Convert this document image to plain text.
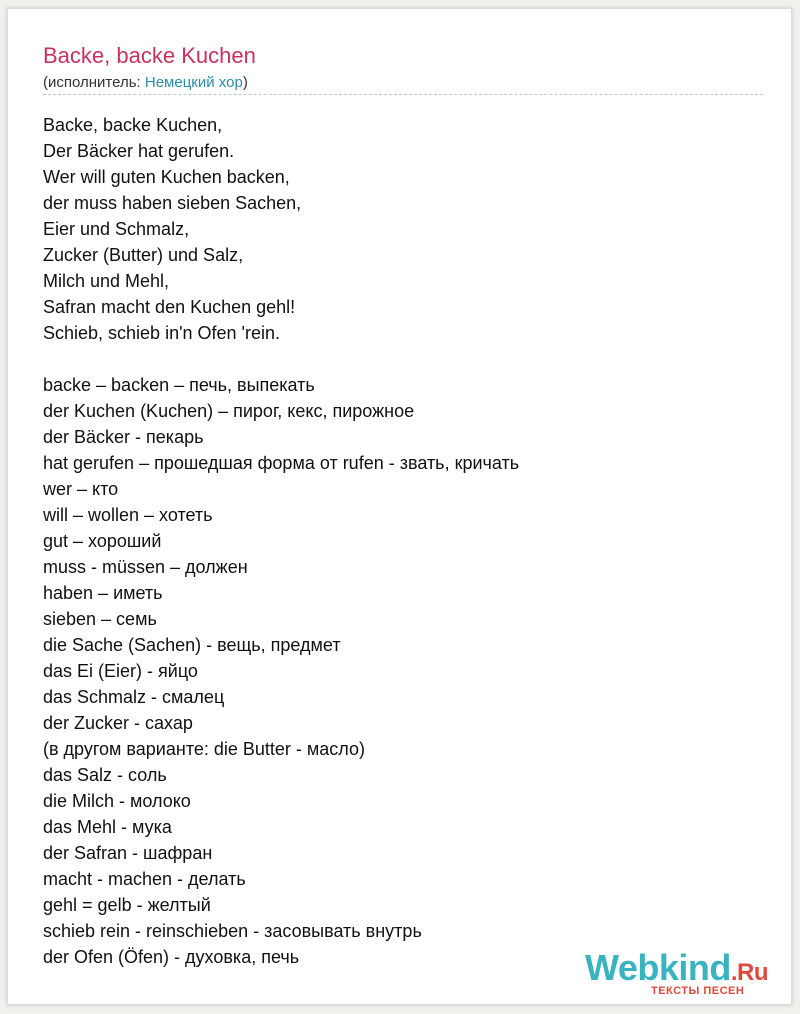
Backe, backe Kuchen
(исполнитель: Немецкий хор)
Backe, backe Kuchen,
Der Bäcker hat gerufen.
Wer will guten Kuchen backen,
der muss haben sieben Sachen,
Eier und Schmalz,
Zucker (Butter) und Salz,
Milch und Mehl,
Safran macht den Kuchen gehl!
Schieb, schieb in'n Ofen 'rein.
backe – backen – печь, выпекать
der Kuchen (Kuchen) – пирог, кекс, пирожное
der Bäcker - пекарь
hat gerufen – прошедшая форма от rufen - звать, кричать
wer – кто
will – wollen – хотеть
gut – хороший
muss - müssen – должен
haben – иметь
sieben – семь
die Sache (Sachen) - вещь, предмет
das Ei (Eier) - яйцо
das Schmalz - смалец
der Zucker - сахар
(в другом варианте: die Butter - масло)
das Salz - соль
die Milch - молоко
das Mehl - мука
der Safran - шафран
macht - machen - делать
gehl = gelb - желтый
schieb rein - reinschieben - засовывать внутрь
der Ofen (Öfen) - духовка, печь	Webkind.Ru
ТЕКСТЫ ПЕСЕН
